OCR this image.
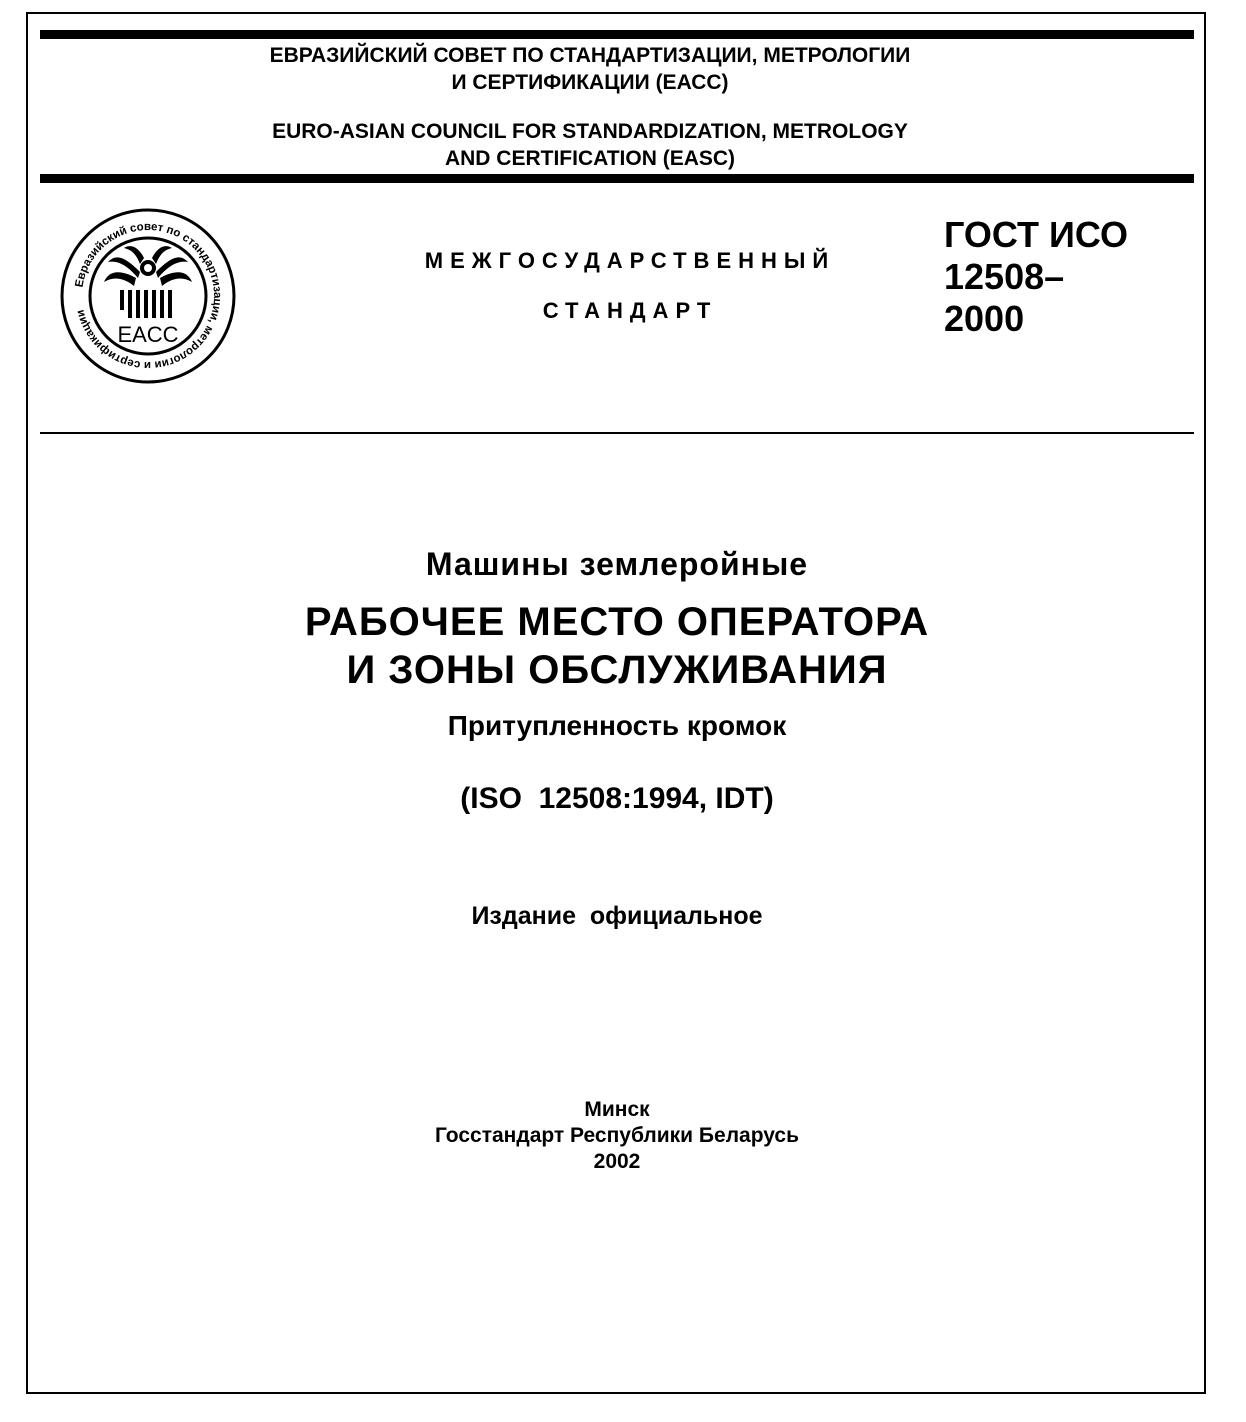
ЕВРАЗИЙСКИЙ СОВЕТ ПО СТАНДАРТИЗАЦИИ, МЕТРОЛОГИИ
И СЕРТИФИКАЦИИ (ЕАСС)
EURO-ASIAN COUNCIL FOR STANDARDIZATION, METROLOGY
AND CERTIFICATION (EASC)
Евразийский совет по стандартизации, метрологии и сертификации
EACC
МЕЖГОСУДАРСТВЕННЫЙ
СТАНДАРТ
ГОСТ ИСО
12508–
2000
Машины землеройные
РАБОЧЕЕ МЕСТО ОПЕРАТОРА
И ЗОНЫ ОБСЛУЖИВАНИЯ
Притупленность кромок
(ISO  12508:1994, IDT)
Издание  официальное
Минск
Госстандарт Республики Беларусь
2002
